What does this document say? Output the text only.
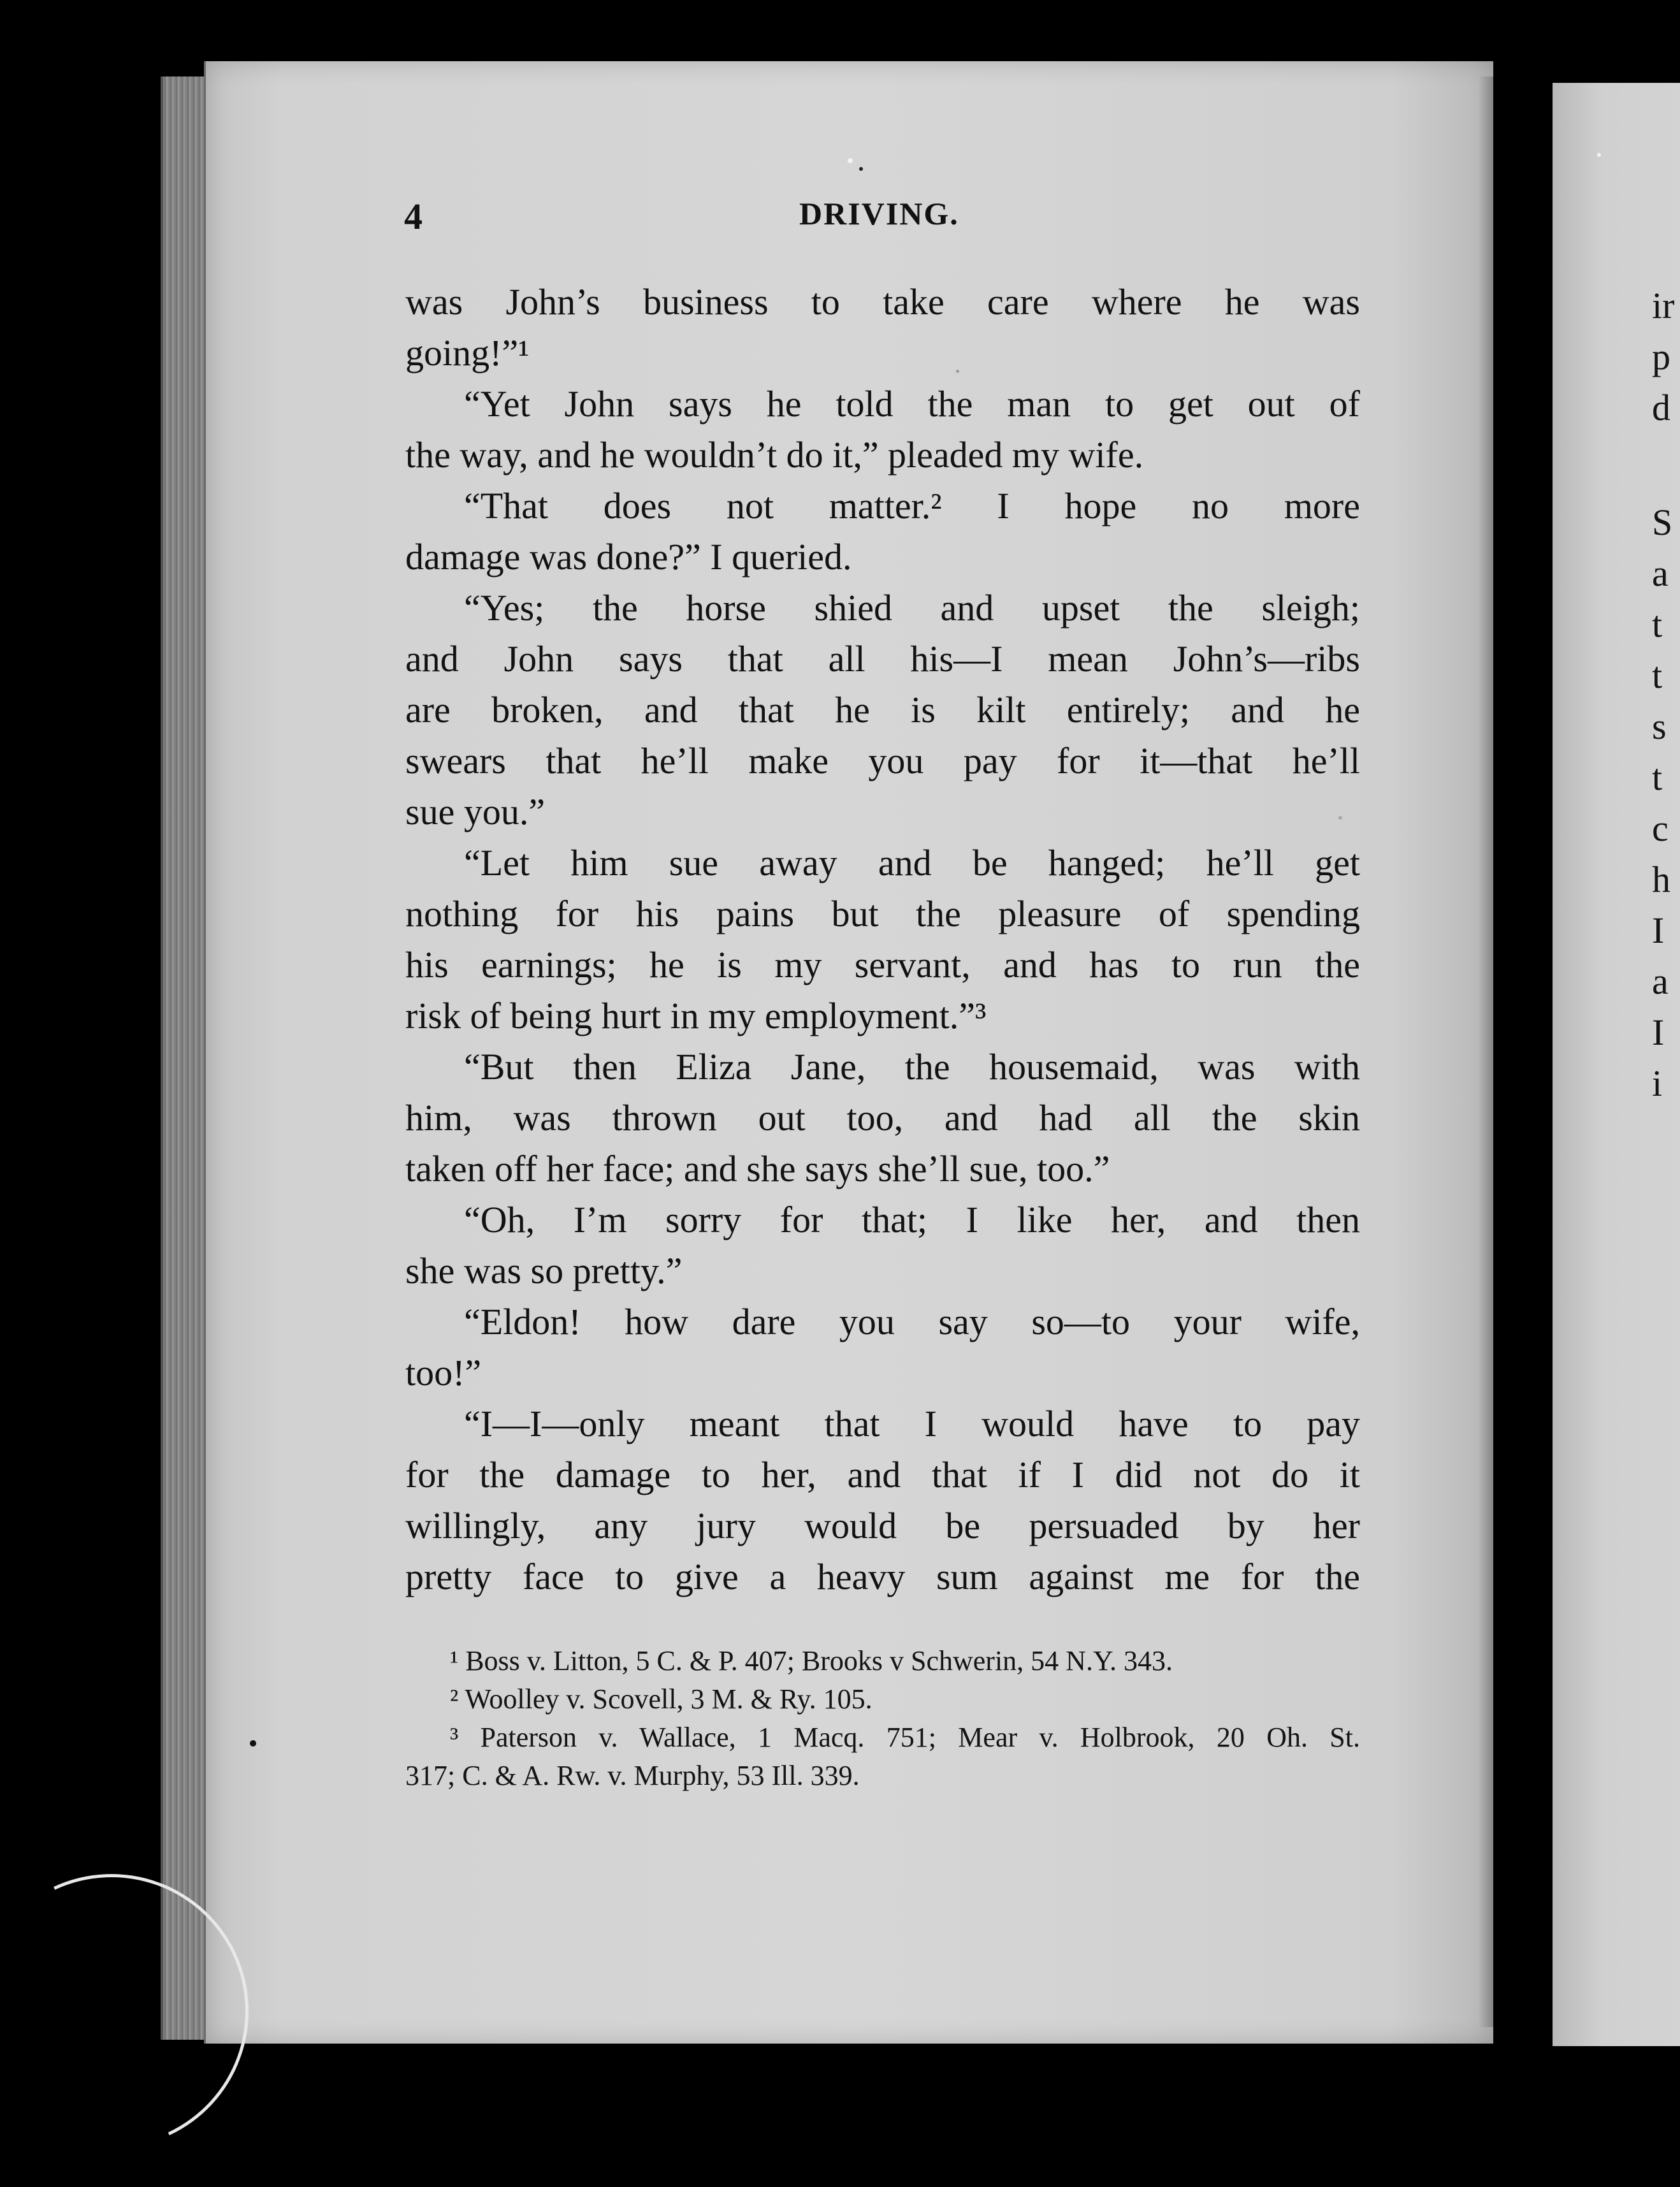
ir
p
d
S
a
t
t
s
t
c
h
I
a
I
i
4	DRIVING.
was John’s business to take care where he was
going!”¹
“Yet John says he told the man to get out of
the way, and he wouldn’t do it,” pleaded my wife.
“That does not matter.² I hope no more
damage was done?” I queried.
“Yes; the horse shied and upset the sleigh;
and John says that all his—I mean John’s—ribs
are broken, and that he is kilt entirely; and he
swears that he’ll make you pay for it—that he’ll
sue you.”
“Let him sue away and be hanged; he’ll get
nothing for his pains but the pleasure of spending
his earnings; he is my servant, and has to run the
risk of being hurt in my employment.”³
“But then Eliza Jane, the housemaid, was with
him, was thrown out too, and had all the skin
taken off her face; and she says she’ll sue, too.”
“Oh, I’m sorry for that; I like her, and then
she was so pretty.”
“Eldon! how dare you say so—to your wife,
too!”
“I—I—only meant that I would have to pay
for the damage to her, and that if I did not do it
willingly, any jury would be persuaded by her
pretty face to give a heavy sum against me for the
¹ Boss v. Litton, 5 C. & P. 407; Brooks v Schwerin, 54 N.Y. 343.
² Woolley v. Scovell, 3 M. & Ry. 105.
³ Paterson v. Wallace, 1 Macq. 751; Mear v. Holbrook, 20 Oh. St.
317; C. & A. Rw. v. Murphy, 53 Ill. 339.
